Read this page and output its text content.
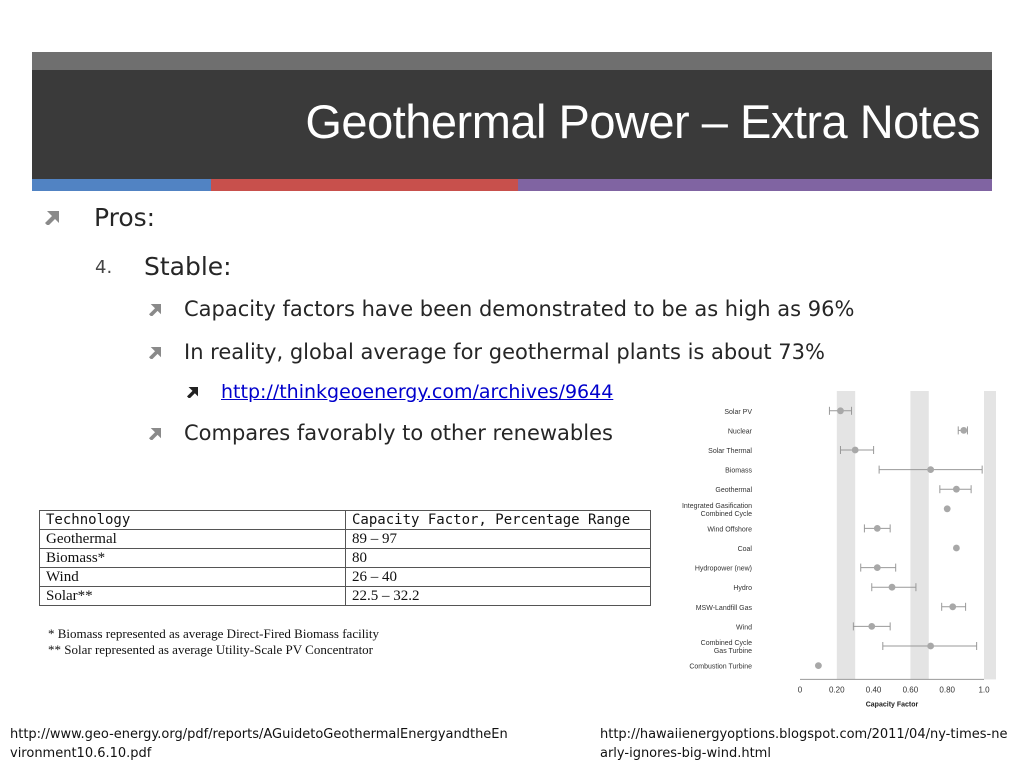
Geothermal Power – Extra Notes
Pros:
4. Stable:
Capacity factors have been demonstrated to be as high as 96%
In reality, global average for geothermal plants is about 73%
http://thinkgeoenergy.com/archives/9644
Compares favorably to other renewables
Technology	Capacity Factor, Percentage Range
Geothermal	89 – 97
Biomass*	80
Wind	26 – 40
Solar**	22.5 – 32.2
* Biomass represented as average Direct-Fired Biomass facility
** Solar represented as average Utility-Scale PV Concentrator
Solar PV
Nuclear
Solar Thermal
Biomass
Geothermal
Integrated Gasification
Combined Cycle
Wind Offshore
Coal
Hydropower (new)
Hydro
MSW-Landfill Gas
Wind
Combined Cycle
Gas Turbine
Combustion Turbine
0	0.20	0.40	0.60	0.80	1.0
Capacity Factor
http://www.geo-energy.org/pdf/reports/AGuidetoGeothermalEnergyandtheEnvironment10.6.10.pdf
http://hawaiienergyoptions.blogspot.com/2011/04/ny-times-nearly-ignores-big-wind.html
